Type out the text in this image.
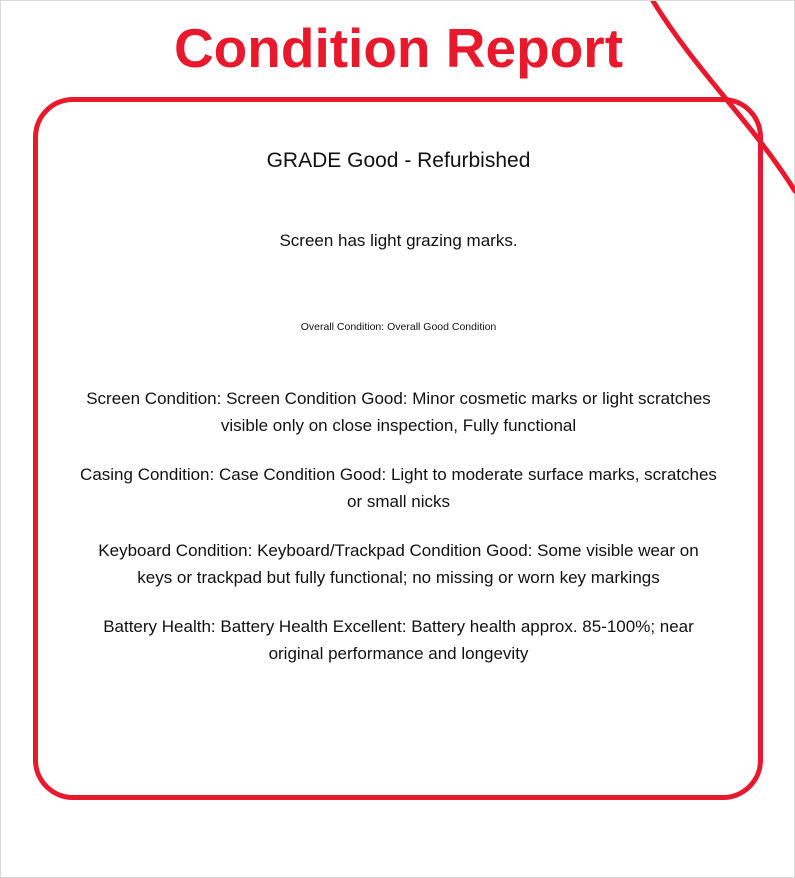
Condition Report
GRADE Good - Refurbished
Screen has light grazing marks.
Overall Condition: Overall Good Condition
Screen Condition: Screen Condition Good: Minor cosmetic marks or light scratches visible only on close inspection, Fully functional
Casing Condition: Case Condition Good: Light to moderate surface marks, scratches or small nicks
Keyboard Condition: Keyboard/Trackpad Condition Good: Some visible wear on keys or trackpad but fully functional; no missing or worn key markings
Battery Health: Battery Health Excellent: Battery health approx. 85-100%; near original performance and longevity
